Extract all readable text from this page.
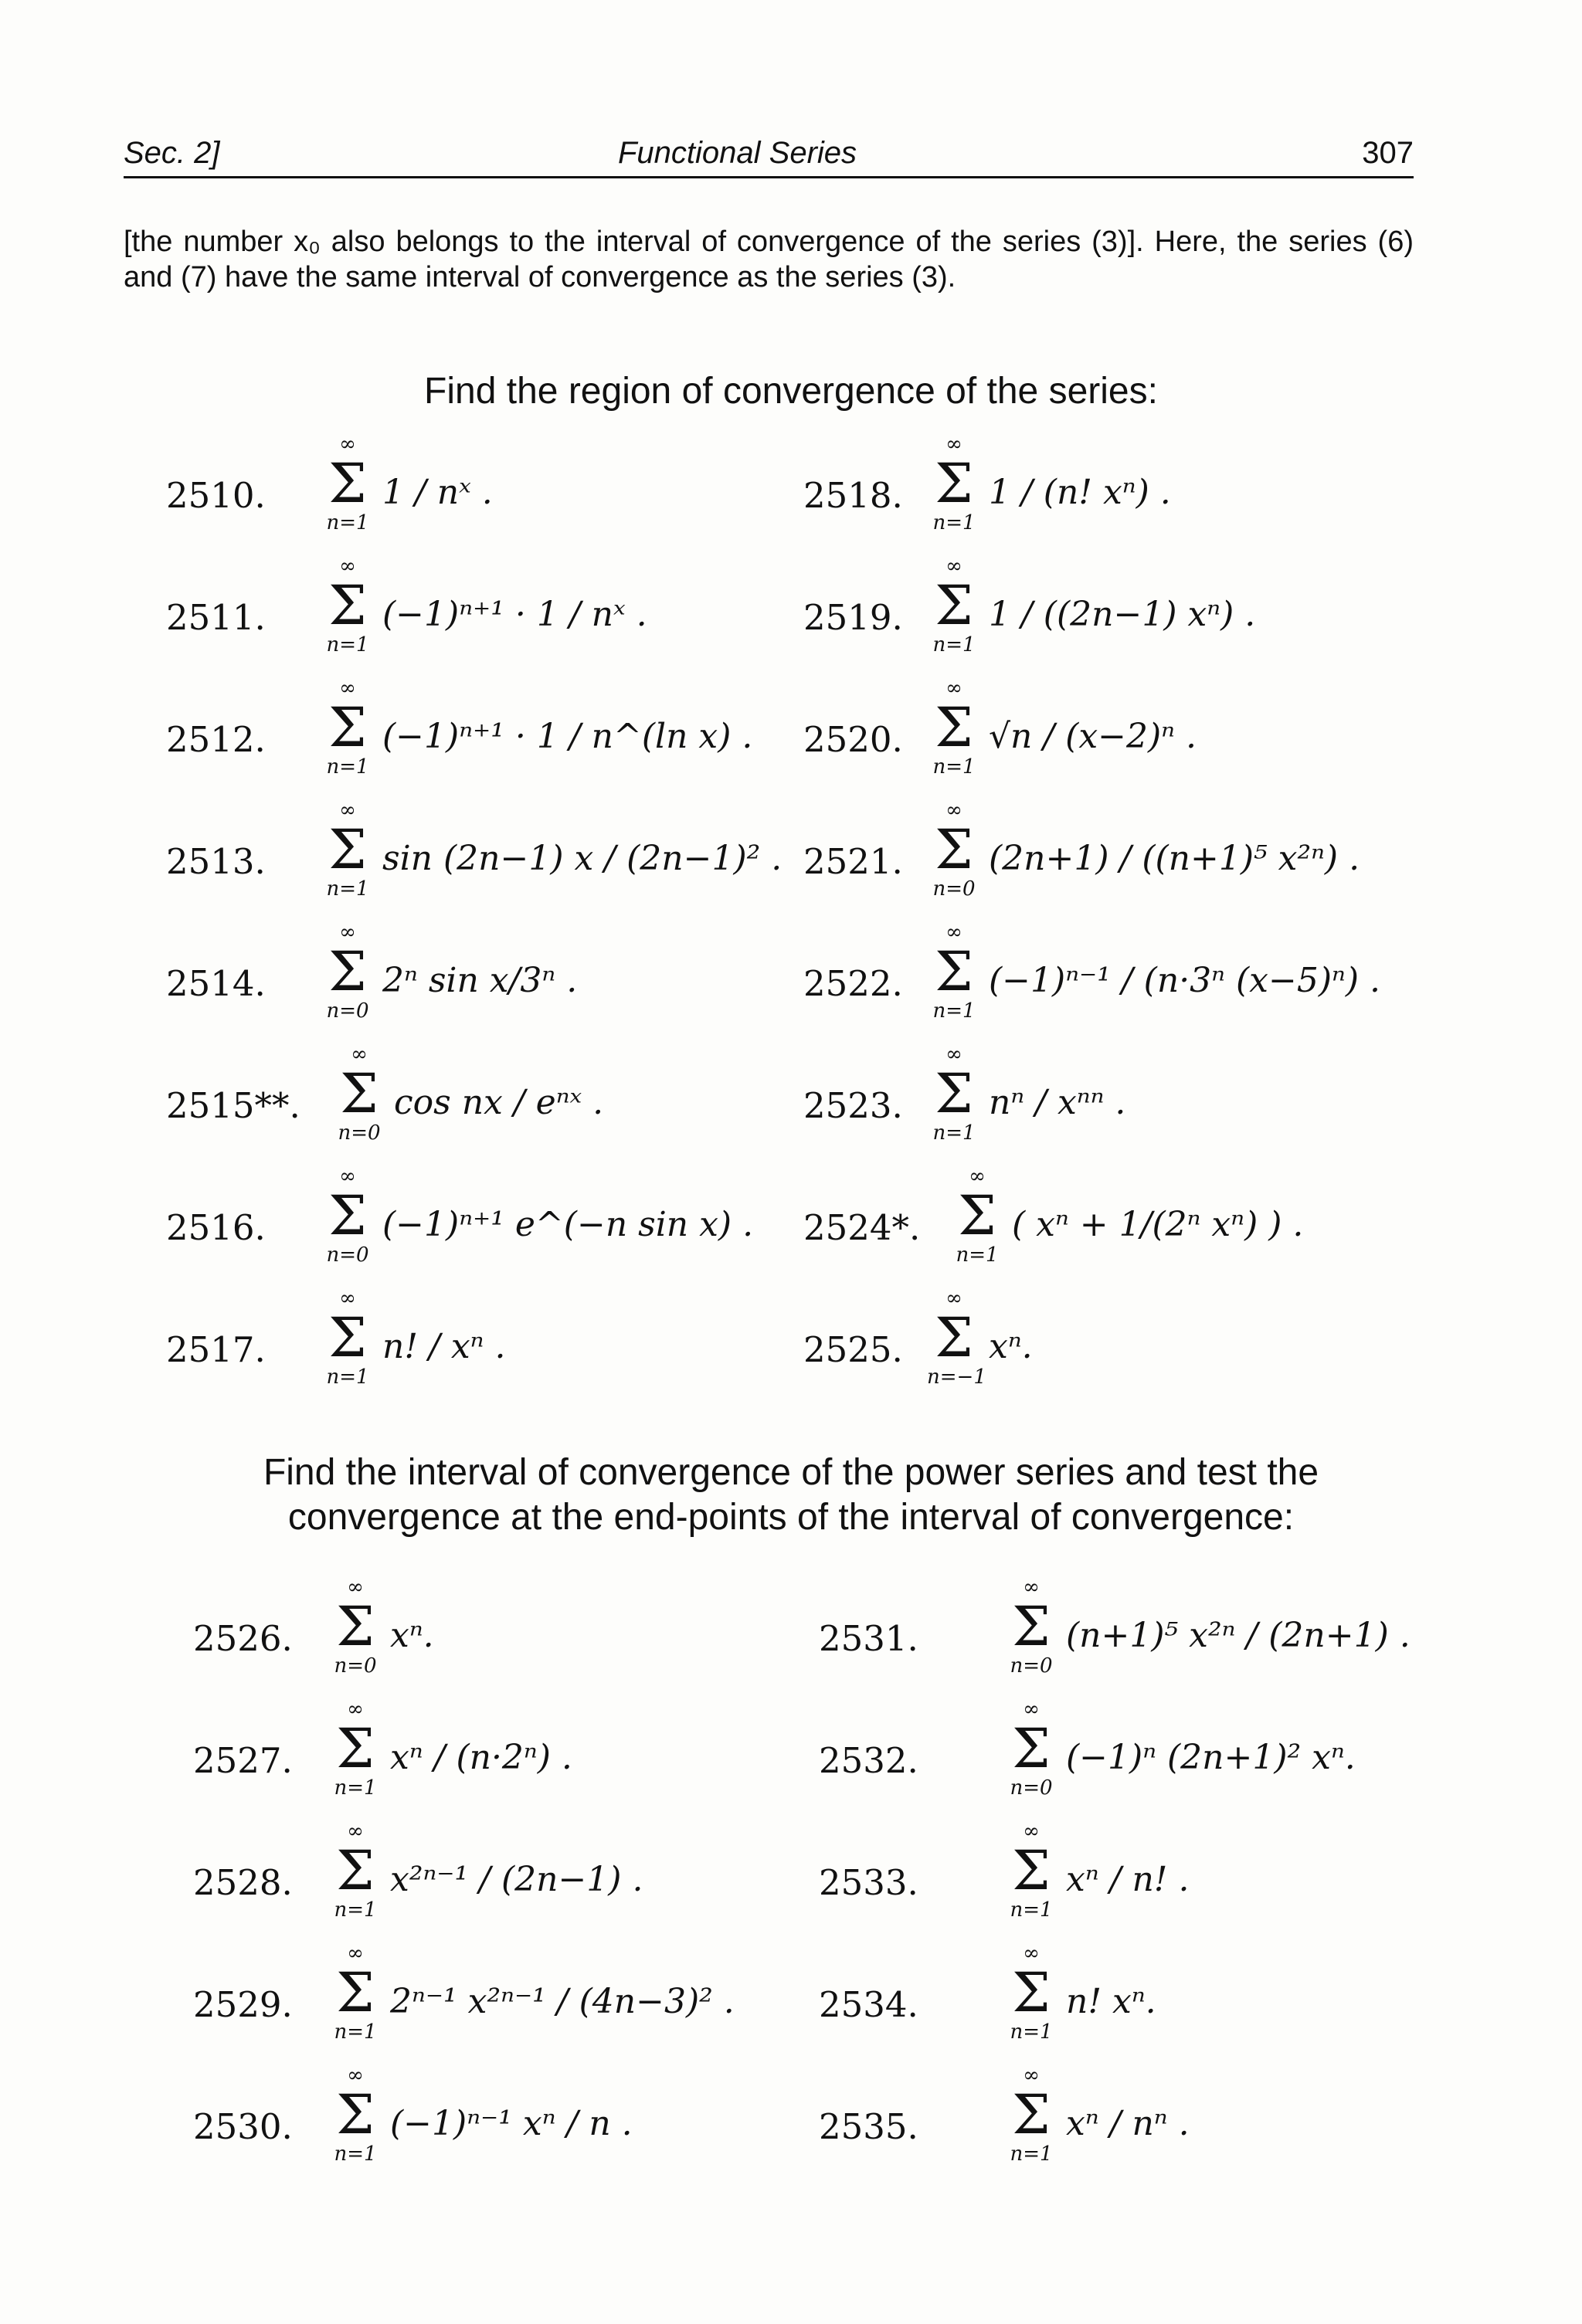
Sec. 2]	Functional Series	307

[the number x₀ also belongs to the interval of convergence of the series (3)]. Here, the series (6) and (7) have the same interval of convergence as the series (3).

Find the region of convergence of the series:
Find the interval of convergence of the power series and test the convergence at the end-points of the interval of convergence:
2510.
∞
Σ
n=1
1 / nˣ .
2511.
∞
Σ
n=1
(−1)ⁿ⁺¹ · 1 / nˣ .
2512.
∞
Σ
n=1
(−1)ⁿ⁺¹ · 1 / n^(ln x) .
2513.
∞
Σ
n=1
sin (2n−1) x / (2n−1)² .
2514.
∞
Σ
n=0
2ⁿ sin x/3ⁿ .
2515**.
∞
Σ
n=0
cos nx / eⁿˣ .
2516.
∞
Σ
n=0
(−1)ⁿ⁺¹ e^(−n sin x) .
2517.
∞
Σ
n=1
n! / xⁿ .
2518.
∞
Σ
n=1
1 / (n! xⁿ) .
2519.
∞
Σ
n=1
1 / ((2n−1) xⁿ) .
2520.
∞
Σ
n=1
√n / (x−2)ⁿ .
2521.
∞
Σ
n=0
(2n+1) / ((n+1)⁵ x²ⁿ) .
2522.
∞
Σ
n=1
(−1)ⁿ⁻¹ / (n·3ⁿ (x−5)ⁿ) .
2523.
∞
Σ
n=1
nⁿ / xⁿⁿ .
2524*.
∞
Σ
n=1
( xⁿ + 1/(2ⁿ xⁿ) ) .
2525.
∞
Σ
n=−1
xⁿ.
2526.
∞
Σ
n=0
xⁿ.
2527.
∞
Σ
n=1
xⁿ / (n·2ⁿ) .
2528.
∞
Σ
n=1
x²ⁿ⁻¹ / (2n−1) .
2529.
∞
Σ
n=1
2ⁿ⁻¹ x²ⁿ⁻¹ / (4n−3)² .
2530.
∞
Σ
n=1
(−1)ⁿ⁻¹ xⁿ / n .
2531.
∞
Σ
n=0
(n+1)⁵ x²ⁿ / (2n+1) .
2532.
∞
Σ
n=0
(−1)ⁿ (2n+1)² xⁿ.
2533.
∞
Σ
n=1
xⁿ / n! .
2534.
∞
Σ
n=1
n! xⁿ.
2535.
∞
Σ
n=1
xⁿ / nⁿ .
